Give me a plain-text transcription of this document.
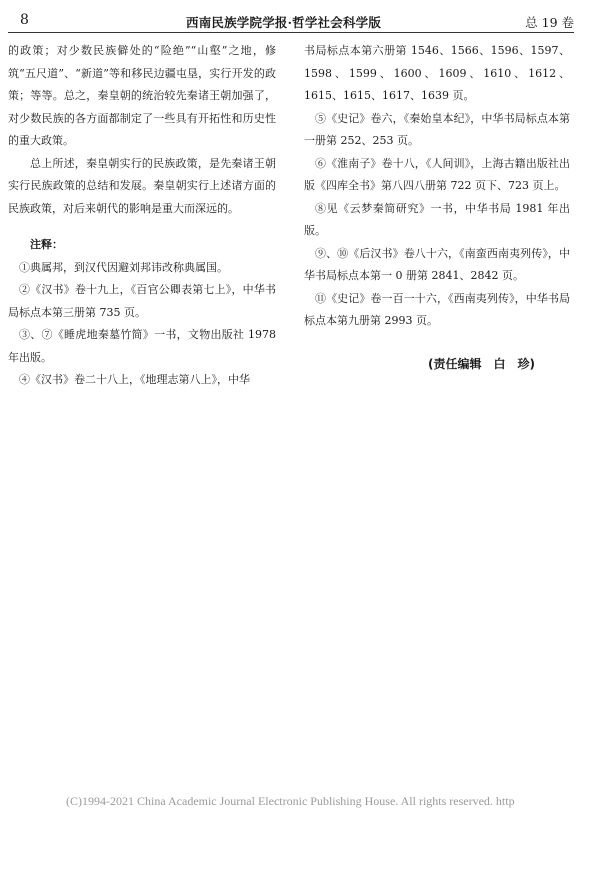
8	西南民族学院学报·哲学社会科学版	总 19 卷

的政策；对少数民族僻处的“险绝”“山壑”之地，修筑“五尺道”、“新道”等和移民边疆屯垦，实行开发的政策；等等。总之，秦皇朝的统治较先秦诸王朝加强了，对少数民族的各方面都制定了一些具有开拓性和历史性的重大政策。

总上所述，秦皇朝实行的民族政策，是先秦诸王朝实行民族政策的总结和发展。秦皇朝实行上述诸方面的民族政策，对后来朝代的影响是重大而深远的。

注释：

①典属邦，到汉代因避刘邦讳改称典属国。

②《汉书》卷十九上，《百官公卿表第七上》，中华书局标点本第三册第 735 页。

③、⑦《睡虎地秦墓竹简》一书，文物出版社 1978 年出版。

④《汉书》卷二十八上，《地理志第八上》，中华

书局标点本第六册第 1546、1566、1596、1597、1598、1599、1600、1609、1610、1612、1615、1615、1617、1639 页。

⑤《史记》卷六，《秦始皇本纪》，中华书局标点本第一册第 252、253 页。

⑥《淮南子》卷十八，《人间训》，上海古籍出版社出版《四库全书》第八四八册第 722 页下、723 页上。

⑧见《云梦秦简研究》一书，中华书局 1981 年出版。

⑨、⑩《后汉书》卷八十六，《南蛮西南夷列传》，中华书局标点本第一 0 册第 2841、2842 页。

⑪《史记》卷一百一十六，《西南夷列传》，中华书局标点本第九册第 2993 页。

(责任编辑　白　珍)
(C)1994-2021 China Academic Journal Electronic Publishing House. All rights reserved. http
